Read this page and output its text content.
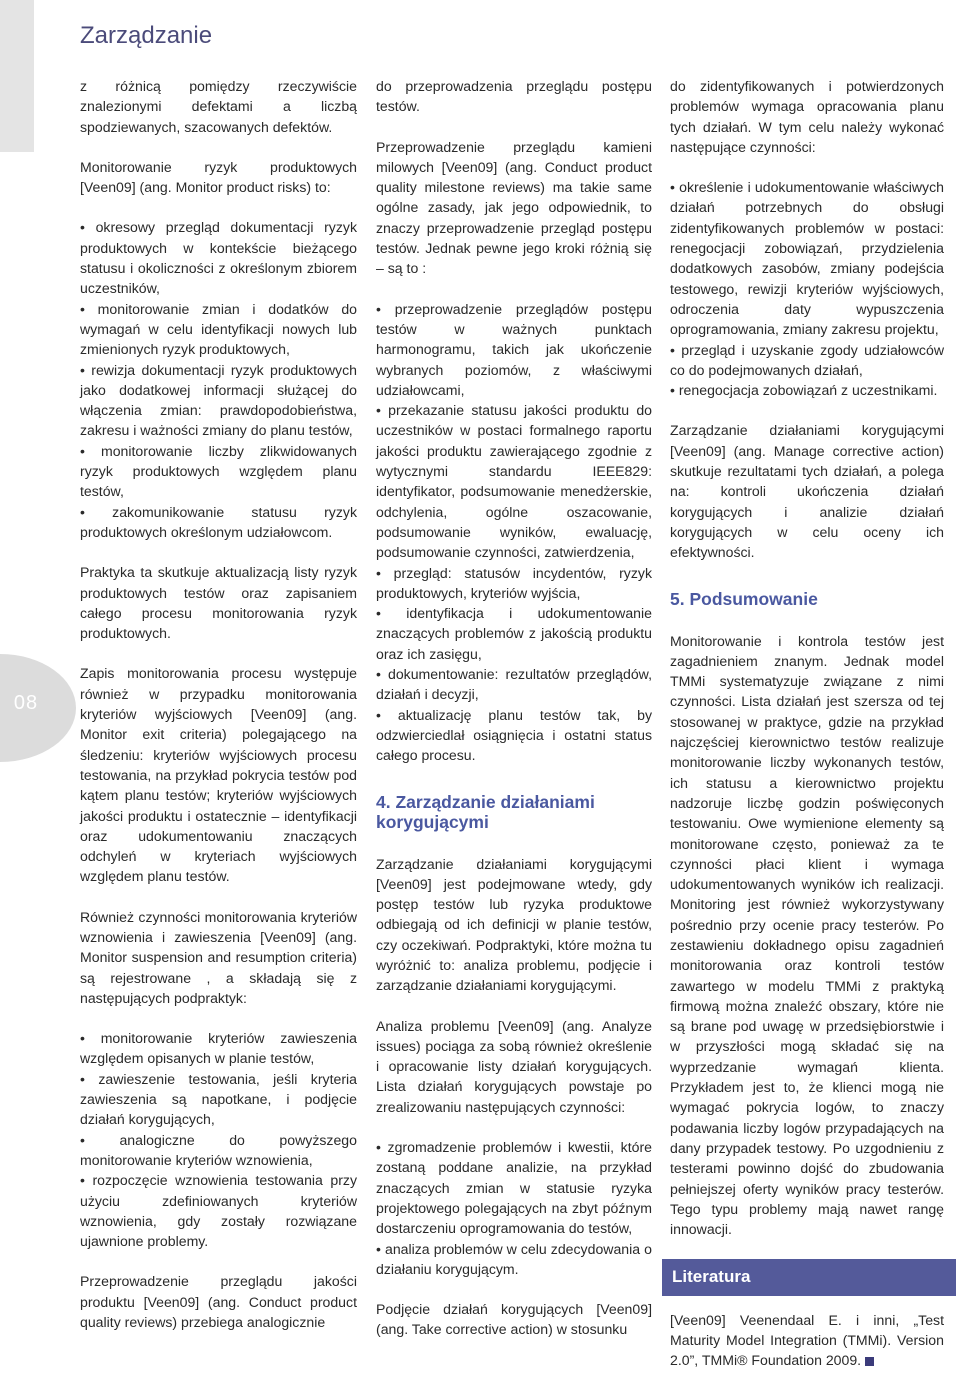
08
Zarządzanie

z różnicą pomiędzy rzeczywiście znalezionymi defektami a liczbą spodziewanych, szacowanych defektów.

Monitorowanie ryzyk produktowych [Veen09] (ang. Monitor product risks) to:

• okresowy przegląd dokumentacji ryzyk produktowych w kontekście bieżącego statusu i okoliczności z określonym zbiorem uczestników,
• monitorowanie zmian i dodatków do wymagań w celu identyfikacji nowych lub zmienionych ryzyk produktowych,
• rewizja dokumentacji ryzyk produktowych jako dodatkowej informacji służącej do włączenia zmian: prawdopodobieństwa, zakresu i ważności zmiany do planu testów,
• monitorowanie liczby zlikwidowanych ryzyk produktowych względem planu testów,
• zakomunikowanie statusu ryzyk produktowych określonym udziałowcom.

Praktyka ta skutkuje aktualizacją listy ryzyk produktowych testów oraz zapisaniem całego procesu monitorowania ryzyk produktowych.

Zapis monitorowania procesu występuje również w przypadku monitorowania kryteriów wyjściowych [Veen09] (ang. Monitor exit criteria) polegającego na śledzeniu: kryteriów wyjściowych procesu testowania, na przykład pokrycia testów pod kątem planu testów; kryteriów wyjściowych jakości produktu i ostatecznie – identyfikacji oraz udokumentowaniu znaczących odchyleń w kryteriach wyjściowych względem planu testów.

Również czynności monitorowania kryteriów wznowienia i zawieszenia [Veen09] (ang. Monitor suspension and resumption criteria) są rejestrowane , a składają się z następujących podpraktyk:

• monitorowanie kryteriów zawieszenia względem opisanych w planie testów,
• zawieszenie testowania, jeśli kryteria zawieszenia są napotkane, i podjęcie działań korygujących,
• analogiczne do powyższego monitorowanie kryteriów wznowienia,
• rozpoczęcie wznowienia testowania przy użyciu zdefiniowanych kryteriów wznowienia, gdy zostały rozwiązane ujawnione problemy.

Przeprowadzenie przeglądu jakości produktu [Veen09] (ang. Conduct product quality reviews) przebiega analogicznie

do przeprowadzenia przeglądu postępu testów.

Przeprowadzenie przeglądu kamieni milowych [Veen09] (ang. Conduct product quality milestone reviews) ma takie same ogólne zasady, jak jego odpowiednik, to znaczy przeprowadzenie przegląd postępu testów. Jednak pewne jego kroki różnią się – są to :

• przeprowadzenie przeglądów postępu testów w ważnych punktach harmonogramu, takich jak ukończenie wybranych poziomów, z właściwymi udziałowcami,
• przekazanie statusu jakości produktu do uczestników w postaci formalnego raportu jakości produktu zawierającego zgodnie z wytycznymi standardu IEEE829: identyfikator, podsumowanie menedżerskie, odchylenia, ogólne oszacowanie, podsumowanie wyników, ewaluację, podsumowanie czynności, zatwierdzenia,
• przegląd: statusów incydentów, ryzyk produktowych, kryteriów wyjścia,
• identyfikacja i udokumentowanie znaczących problemów z jakością produktu oraz ich zasięgu,
• dokumentowanie: rezultatów przeglądów, działań i decyzji,
• aktualizację planu testów tak, by odzwierciedlał osiągnięcia i ostatni status całego procesu.
4. Zarządzanie działaniami korygującymi

Zarządzanie działaniami korygującymi [Veen09] jest podejmowane wtedy, gdy postęp testów lub ryzyka produktowe odbiegają od ich definicji w planie testów, czy oczekiwań. Podpraktyki, które można tu wyróżnić to: analiza problemu, podjęcie i zarządzanie działaniami korygującymi.

Analiza problemu [Veen09] (ang. Analyze issues) pociąga za sobą również określenie i opracowanie listy działań korygujących. Lista działań korygujących powstaje po zrealizowaniu następujących czynności:

• zgromadzenie problemów i kwestii, które zostaną poddane analizie, na przykład znaczących zmian w statusie ryzyka projektowego polegających na zbyt późnym dostarczeniu oprogramowania do testów,
• analiza problemów w celu zdecydowania o działaniu korygującym.

Podjęcie działań korygujących [Veen09] (ang. Take corrective action) w stosunku

do zidentyfikowanych i potwierdzonych problemów wymaga opracowania planu tych działań. W tym celu należy wykonać następujące czynności:

• określenie i udokumentowanie właściwych działań potrzebnych do obsługi zidentyfikowanych problemów w postaci: renegocjacji zobowiązań, przydzielenia dodatkowych zasobów, zmiany podejścia testowego, rewizji kryteriów wyjściowych, odroczenia daty wypuszczenia oprogramowania, zmiany zakresu projektu,
• przegląd i uzyskanie zgody udziałowców co do podejmowanych działań,
• renegocjacja zobowiązań z uczestnikami.

Zarządzanie działaniami korygującymi [Veen09] (ang. Manage corrective action) skutkuje rezultatami tych działań, a polega na: kontroli ukończenia działań korygujących i analizie działań korygujących w celu oceny ich efektywności.

5. Podsumowanie

Monitorowanie i kontrola testów jest zagadnieniem znanym. Jednak model TMMi systematyzuje związane z nimi czynności. Lista działań jest szersza od tej stosowanej w praktyce, gdzie na przykład najczęściej kierownictwo testów realizuje monitorowanie liczby wykonanych testów, ich statusu a kierownictwo projektu nadzoruje liczbę godzin poświęconych testowaniu. Owe wymienione elementy są monitorowane często, ponieważ za te czynności płaci klient i wymaga udokumentowanych wyników ich realizacji. Monitoring jest również wykorzystywany pośrednio przy ocenie pracy testerów. Po zestawieniu dokładnego opisu zagadnień monitorowania oraz kontroli testów zawartego w modelu TMMi z praktyką firmową można znaleźć obszary, które nie są brane pod uwagę w przedsiębiorstwie i w przyszłości mogą składać się na wyprzedzanie wymagań klienta. Przykładem jest to, że klienci mogą nie wymagać pokrycia logów, to znaczy podawania liczby logów przypadających na dany przypadek testowy. Po uzgodnieniu z testerami powinno dojść do zbudowania pełniejszej oferty wyników pracy testerów. Tego typu problemy mają nawet rangę innowacji.

Literatura

[Veen09] Veenendaal E. i inni, „Test Maturity Model Integration (TMMi). Version 2.0”, TMMi® Foundation 2009.
